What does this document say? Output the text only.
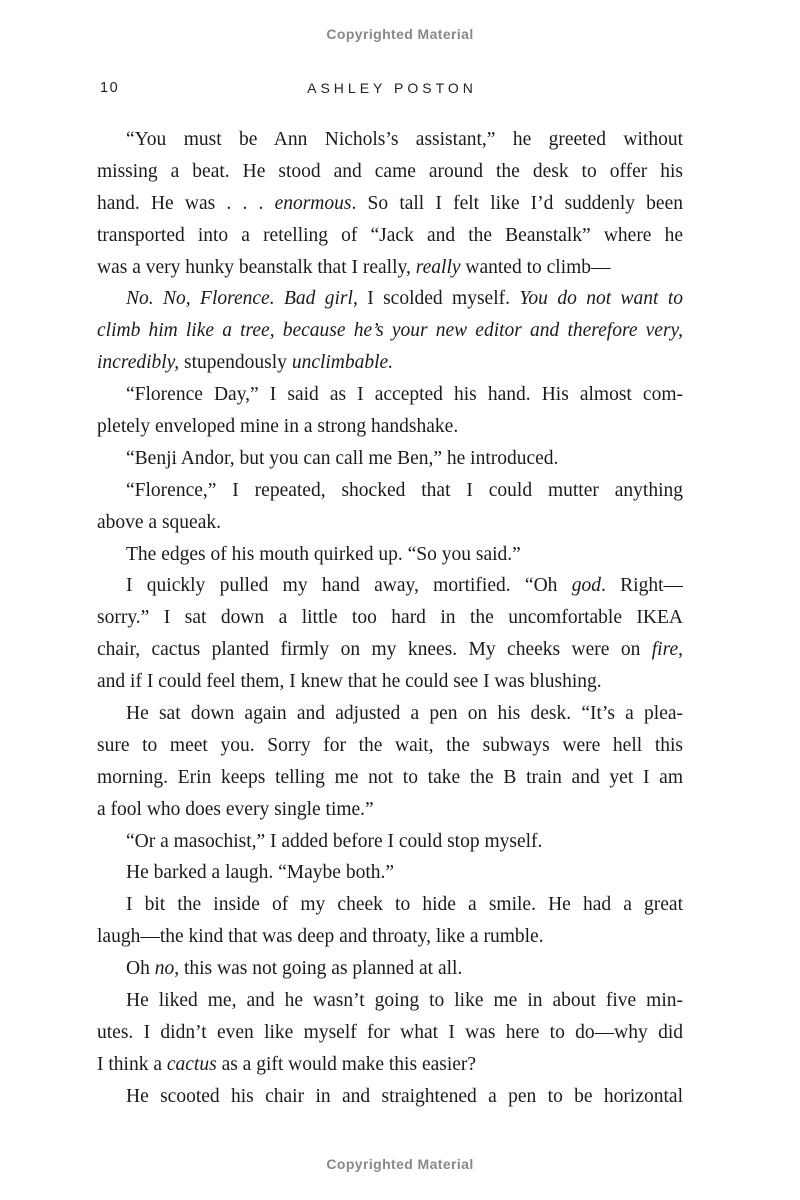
Copyrighted Material
10	ASHLEY POSTON
“You must be Ann Nichols’s assistant,” he greeted without
missing a beat. He stood and came around the desk to offer his
hand. He was . . . enormous. So tall I felt like I’d suddenly been
transported into a retelling of “Jack and the Beanstalk” where he
was a very hunky beanstalk that I really, really wanted to climb—
No. No, Florence. Bad girl, I scolded myself. You do not want to
climb him like a tree, because he’s your new editor and therefore very,
incredibly, stupendously unclimbable.
“Florence Day,” I said as I accepted his hand. His almost com-
pletely enveloped mine in a strong handshake.
“Benji Andor, but you can call me Ben,” he introduced.
“Florence,” I repeated, shocked that I could mutter anything
above a squeak.
The edges of his mouth quirked up. “So you said.”
I quickly pulled my hand away, mortified. “Oh god. Right—
sorry.” I sat down a little too hard in the uncomfortable IKEA
chair, cactus planted firmly on my knees. My cheeks were on fire,
and if I could feel them, I knew that he could see I was blushing.
He sat down again and adjusted a pen on his desk. “It’s a plea-
sure to meet you. Sorry for the wait, the subways were hell this
morning. Erin keeps telling me not to take the B train and yet I am
a fool who does every single time.”
“Or a masochist,” I added before I could stop myself.
He barked a laugh. “Maybe both.”
I bit the inside of my cheek to hide a smile. He had a great
laugh—the kind that was deep and throaty, like a rumble.
Oh no, this was not going as planned at all.
He liked me, and he wasn’t going to like me in about five min-
utes. I didn’t even like myself for what I was here to do—why did
I think a cactus as a gift would make this easier?
He scooted his chair in and straightened a pen to be horizontal
Copyrighted Material
